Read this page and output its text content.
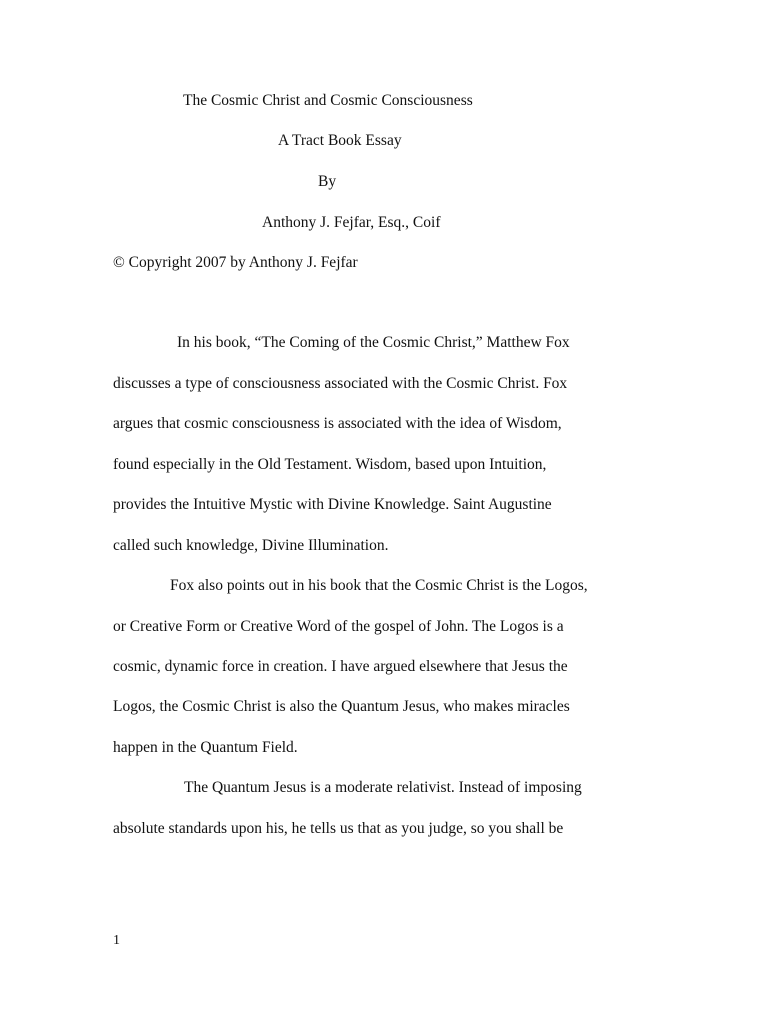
The Cosmic Christ and Cosmic Consciousness

A Tract Book Essay

By

Anthony J. Fejfar, Esq., Coif

© Copyright 2007 by Anthony J. Fejfar

In his book, “The Coming of the Cosmic Christ,” Matthew Fox

discusses a type of consciousness associated with the Cosmic Christ. Fox

argues that cosmic consciousness is associated with the idea of Wisdom,

found especially in the Old Testament. Wisdom, based upon Intuition,

provides the Intuitive Mystic with Divine Knowledge. Saint Augustine

called such knowledge, Divine Illumination.

Fox also points out in his book that the Cosmic Christ is the Logos,

or Creative Form or Creative Word of the gospel of John. The Logos is a

cosmic, dynamic force in creation. I have argued elsewhere that Jesus the

Logos, the Cosmic Christ is also the Quantum Jesus, who makes miracles

happen in the Quantum Field.

The Quantum Jesus is a moderate relativist. Instead of imposing

absolute standards upon his, he tells us that as you judge, so you shall be

1
